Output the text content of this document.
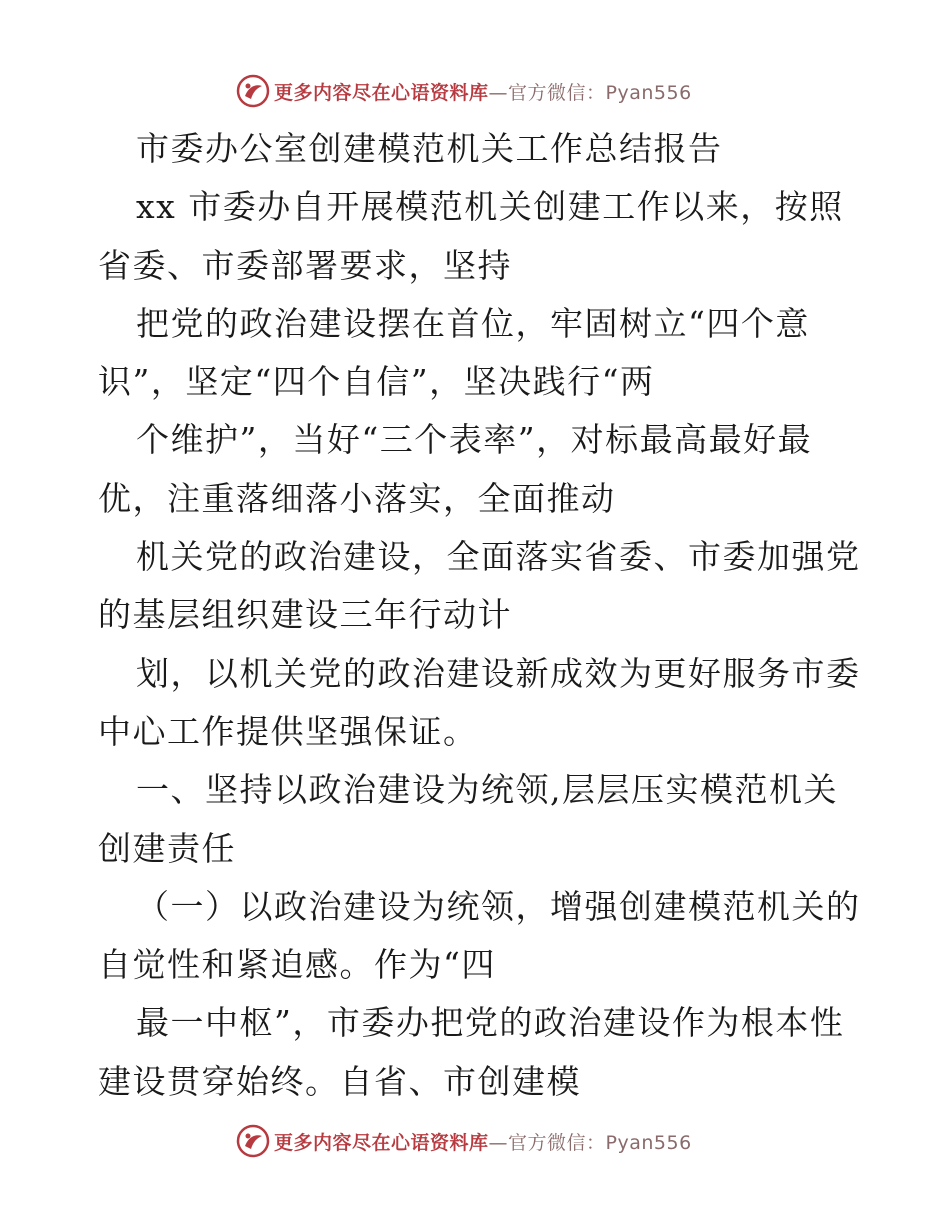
更多内容尽在心语资料库—官方微信：Pyan556
市委办公室创建模范机关工作总结报告
xx 市委办自开展模范机关创建工作以来，按照
省委、市委部署要求，坚持
把党的政治建设摆在首位，牢固树立“四个意
识”，坚定“四个自信”，坚决践行“两
个维护”，当好“三个表率”，对标最高最好最
优，注重落细落小落实，全面推动
机关党的政治建设，全面落实省委、市委加强党
的基层组织建设三年行动计
划，以机关党的政治建设新成效为更好服务市委
中心工作提供坚强保证。
一、坚持以政治建设为统领,层层压实模范机关
创建责任
（一）以政治建设为统领，增强创建模范机关的
自觉性和紧迫感。作为“四
最一中枢”，市委办把党的政治建设作为根本性
建设贯穿始终。自省、市创建模
更多内容尽在心语资料库—官方微信：Pyan556
